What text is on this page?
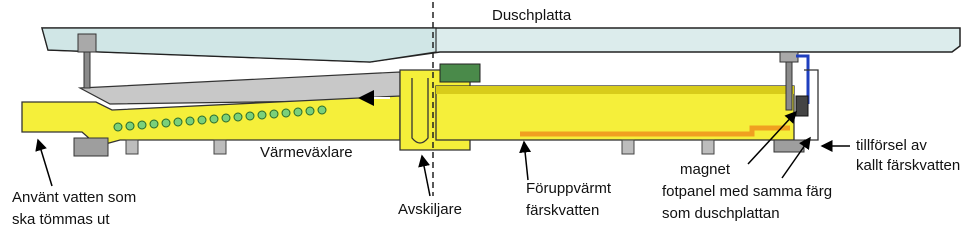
Duschplatta
Värmeväxlare
Använt vatten som
ska tömmas ut
Avskiljare
Föruppvärmt
färskvatten
magnet
fotpanel med samma färg
som duschplattan
tillförsel av
kallt färskvatten
